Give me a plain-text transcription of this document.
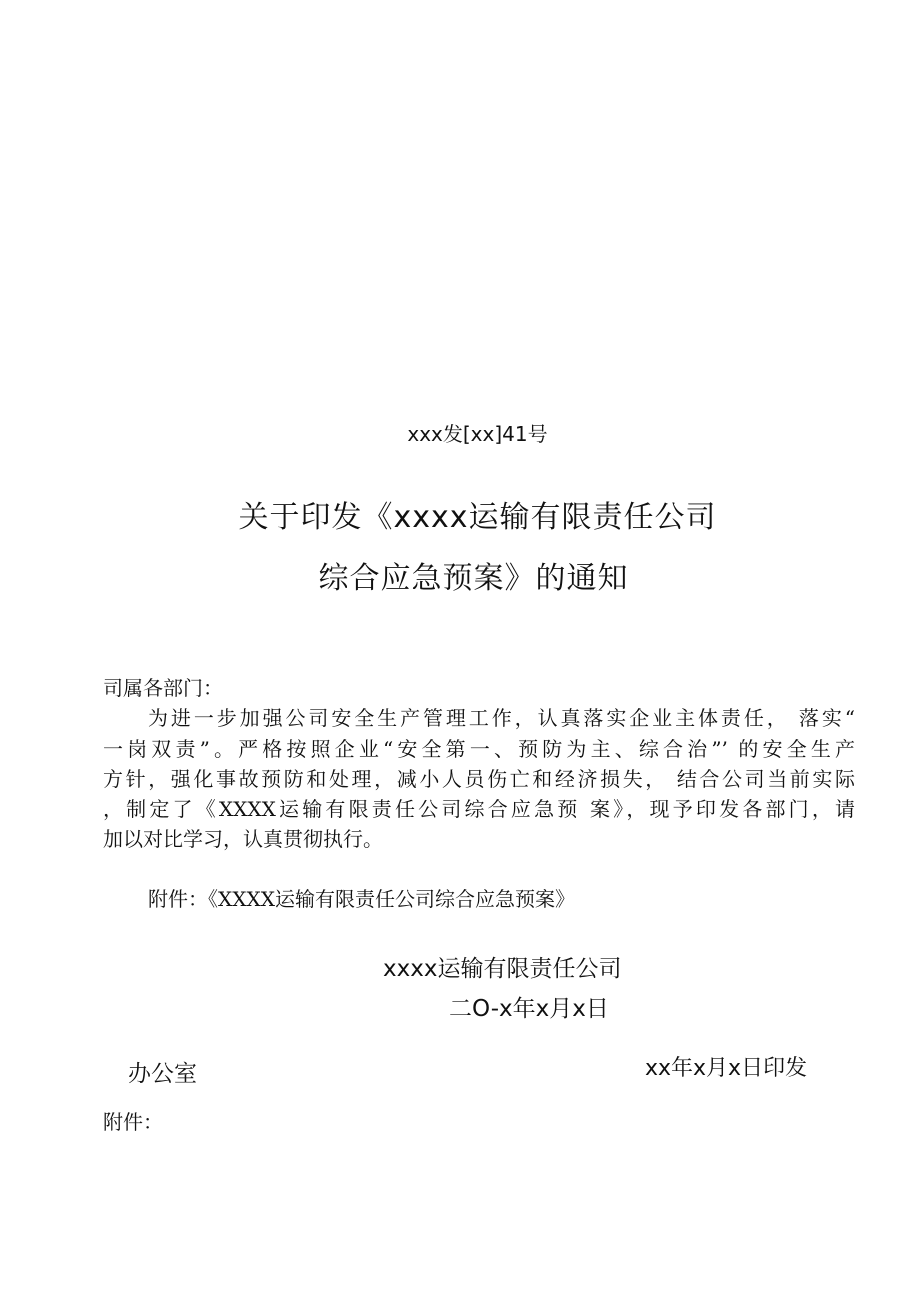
xxx发[xx]41号
关于印发《xxxx运输有限责任公司
综合应急预案》的通知
司属各部门：
为进一步加强公司安全生产管理工作，认真落实企业主体责任， 落实“
一岗双责”。严格按照企业“安全第一、预防为主、综合治”’ 的安全生产
方针，强化事故预防和处理，减小人员伤亡和经济损失， 结合公司当前实际
，制定了《XXXX运输有限责任公司综合应急预 案》，现予印发各部门，请
加以对比学习，认真贯彻执行。
附件：《XXXX运输有限责任公司综合应急预案》
xxxx运输有限责任公司
二O-x年x月x日
办公室	xx年x月x日印发
附件：
